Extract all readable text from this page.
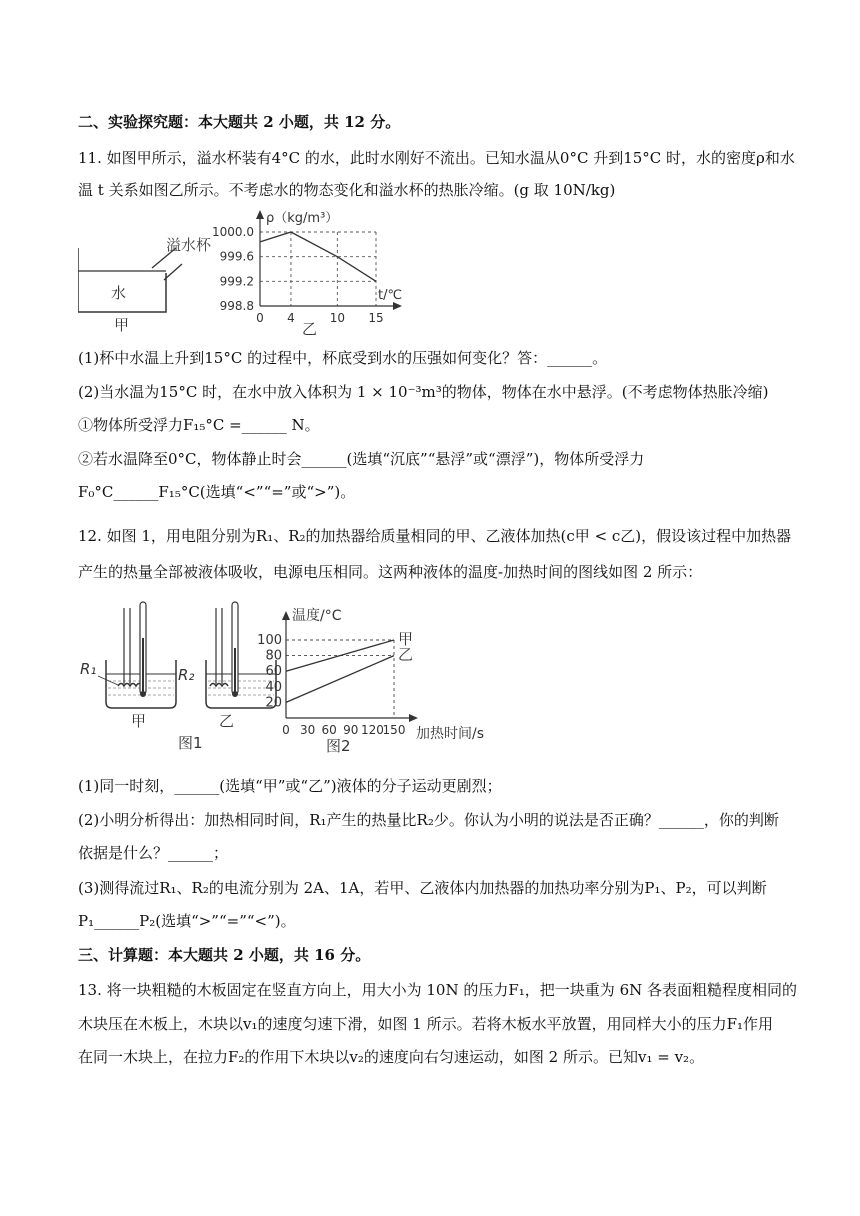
二、实验探究题：本大题共 2 小题，共 12 分。
11. 如图甲所示，溢水杯装有4°C 的水，此时水刚好不流出。已知水温从0°C 升到15°C 时，水的密度ρ和水
温 t 关系如图乙所示。不考虑水的物态变化和溢水杯的热胀冷缩。(g 取 10N/kg)
溢水杯
水
甲
ρ（kg/m³）
t/℃
1000.0
999.6
999.2
998.8
0 4	10 15
乙
(1)杯中水温上升到15°C 的过程中，杯底受到水的压强如何变化？答：______。
(2)当水温为15°C 时，在水中放入体积为 1 × 10⁻³m³的物体，物体在水中悬浮。(不考虑物体热胀冷缩)
①物体所受浮力F₁₅°C =______ N。
②若水温降至0°C，物体静止时会______(选填“沉底”“悬浮”或“漂浮”)，物体所受浮力
F₀°C______F₁₅°C(选填“<”“=”或“>”)。
12. 如图 1，用电阻分别为R₁、R₂的加热器给质量相同的甲、乙液体加热(c甲 < c乙)，假设该过程中加热器
产生的热量全部被液体吸收，电源电压相同。这两种液体的温度-加热时间的图线如图 2 所示：
R₁
甲
R₂
乙
图1
温度/°C
加热时间/s
100
80
60
40
20
0 30 60 90 120
150
甲
乙
图2
(1)同一时刻，______(选填“甲”或“乙”)液体的分子运动更剧烈；
(2)小明分析得出：加热相同时间，R₁产生的热量比R₂少。你认为小明的说法是否正确？______，你的判断
依据是什么？______；
(3)测得流过R₁、R₂的电流分别为 2A、1A，若甲、乙液体内加热器的加热功率分别为P₁、P₂，可以判断
P₁______P₂(选填“>”“=”“<”)。
三、计算题：本大题共 2 小题，共 16 分。
13. 将一块粗糙的木板固定在竖直方向上，用大小为 10N 的压力F₁，把一块重为 6N 各表面粗糙程度相同的
木块压在木板上，木块以v₁的速度匀速下滑，如图 1 所示。若将木板水平放置，用同样大小的压力F₁作用
在同一木块上，在拉力F₂的作用下木块以v₂的速度向右匀速运动，如图 2 所示。已知v₁ = v₂。
